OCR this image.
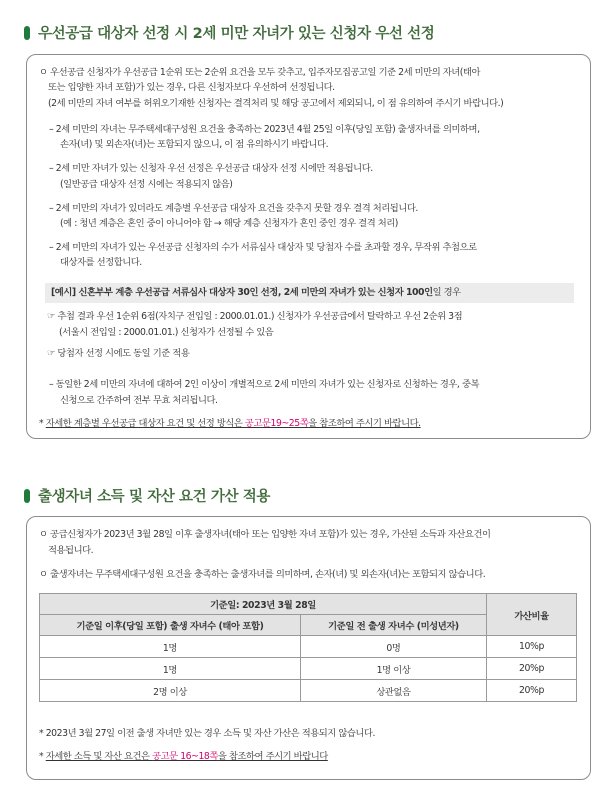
우선공급 대상자 선정 시 2세 미만 자녀가 있는 신청자 우선 선정
ㅇ 우선공급 신청자가 우선공급 1순위 또는 2순위 요건을 모두 갖추고, 입주자모집공고일 기준 2세 미만의 자녀(태아
또는 입양한 자녀 포함)가 있는 경우, 다른 신청자보다 우선하여 선정됩니다.
(2세 미만의 자녀 여부를 허위오기재한 신청자는 결격처리 및 해당 공고에서 제외되니, 이 점 유의하여 주시기 바랍니다.)
– 2세 미만의 자녀는 무주택세대구성원 요건을 충족하는 2023년 4월 25일 이후(당일 포함) 출생자녀를 의미하며,
손자(녀) 및 외손자(녀)는 포함되지 않으니, 이 점 유의하시기 바랍니다.
– 2세 미만 자녀가 있는 신청자 우선 선정은 우선공급 대상자 선정 시에만 적용됩니다.
(일반공급 대상자 선정 시에는 적용되지 않음)
– 2세 미만의 자녀가 있더라도 계층별 우선공급 대상자 요건을 갖추지 못할 경우 결격 처리됩니다.
(예 : 청년 계층은 혼인 중이 아니어야 함 → 해당 계층 신청자가 혼인 중인 경우 결격 처리)
– 2세 미만의 자녀가 있는 우선공급 신청자의 수가 서류심사 대상자 및 당첨자 수를 초과할 경우, 무작위 추첨으로
대상자를 선정합니다.
[예시] 신혼부부 계층 우선공급 서류심사 대상자 30인 선정, 2세 미만의 자녀가 있는 신청자 100인일 경우
☞ 추첨 결과 우선 1순위 6점(자치구 전입일 : 2000.01.01.) 신청자가 우선공급에서 탈락하고 우선 2순위 3점
(서울시 전입일 : 2000.01.01.) 신청자가 선정될 수 있음
☞ 당첨자 선정 시에도 동일 기준 적용
– 동일한 2세 미만의 자녀에 대하여 2인 이상이 개별적으로 2세 미만의 자녀가 있는 신청자로 신청하는 경우, 중복
신청으로 간주하여 전부 무효 처리됩니다.
* 자세한 계층별 우선공급 대상자 요건 및 선정 방식은 공고문19~25쪽을 참조하여 주시기 바랍니다.
출생자녀 소득 및 자산 요건 가산 적용
ㅇ 공급신청자가 2023년 3월 28일 이후 출생자녀(태아 또는 입양한 자녀 포함)가 있는 경우, 가산된 소득과 자산요건이
적용됩니다.
ㅇ 출생자녀는 무주택세대구성원 요건을 충족하는 출생자녀를 의미하며, 손자(녀) 및 외손자(녀)는 포함되지 않습니다.
기준일: 2023년 3월 28일		가산비율
기준일 이후(당일 포함) 출생 자녀수 (태아 포함)	기준일 전 출생 자녀수 (미성년자)	
1명	0명	10%p
1명	1명 이상	20%p
2명 이상	상관없음	20%p
* 2023년 3월 27일 이전 출생 자녀만 있는 경우 소득 및 자산 가산은 적용되지 않습니다.
* 자세한 소득 및 자산 요건은 공고문 16~18쪽을 참조하여 주시기 바랍니다
